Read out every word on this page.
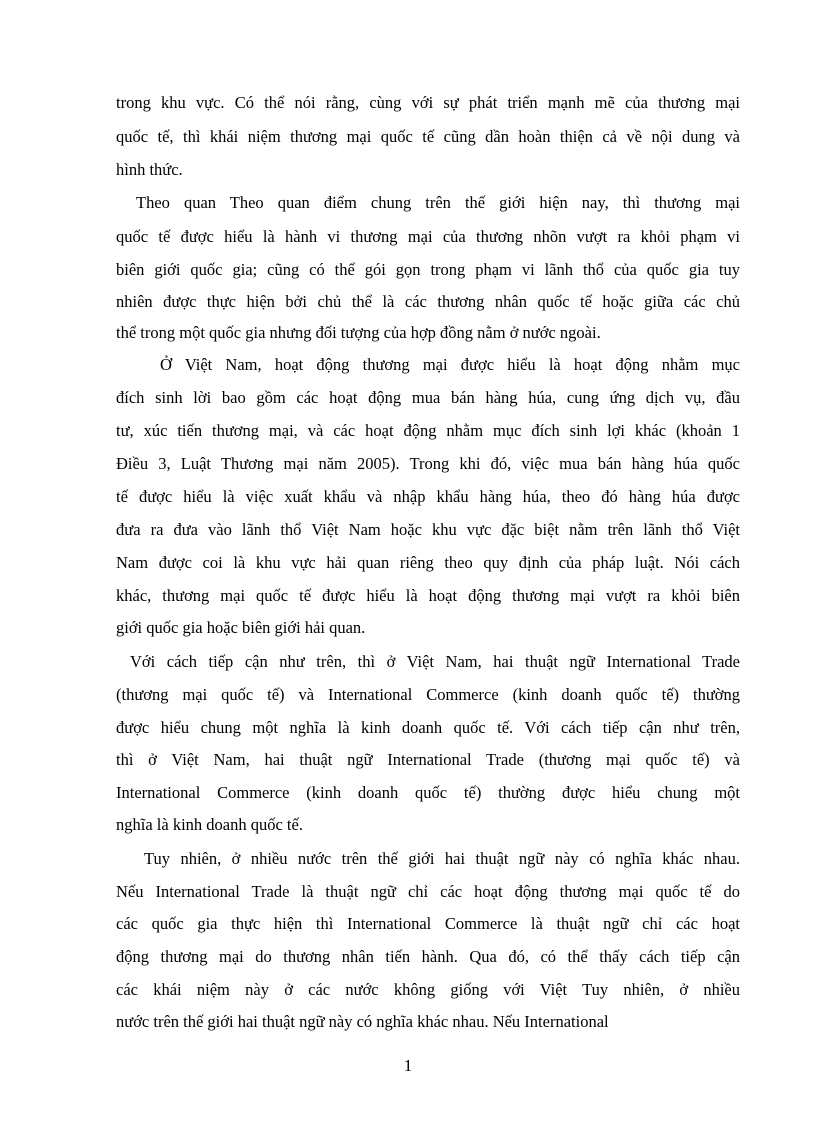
trong khu vực. Có thể nói rằng, cùng với sự phát triển mạnh mẽ của thương mại
quốc tế, thì khái niệm thương mại quốc tế cũng dần hoàn thiện cả về nội dung và
hình thức.
Theo quan Theo quan điểm chung trên thế giới hiện nay, thì thương mại
quốc tế được hiểu là hành vi thương mại của thương nhõn vượt ra khỏi phạm vi
biên giới quốc gia; cũng có thể gói gọn trong phạm vi lãnh thổ của quốc gia tuy
nhiên được thực hiện bởi chủ thể là các thương nhân quốc tế hoặc giữa các chủ
thể trong một quốc gia nhưng đối tượng của hợp đồng nằm ở nước ngoài.
Ở Việt Nam, hoạt động thương mại được hiểu là hoạt động nhằm mục
đích sinh lời bao gồm các hoạt động mua bán hàng húa, cung ứng dịch vụ, đầu
tư, xúc tiến thương mại, và các hoạt động nhằm mục đích sinh lợi khác (khoản 1
Điều 3, Luật Thương mại năm 2005). Trong khi đó, việc mua bán hàng húa quốc
tế được hiểu là việc xuất khẩu và nhập khẩu hàng húa, theo đó hàng húa được
đưa ra đưa vào lãnh thổ Việt Nam hoặc khu vực đặc biệt nằm trên lãnh thổ Việt
Nam được coi là khu vực hải quan riêng theo quy định của pháp luật. Nói cách
khác, thương mại quốc tế được hiểu là hoạt động thương mại vượt ra khỏi biên
giới quốc gia hoặc biên giới hải quan.
Với cách tiếp cận như trên, thì ở Việt Nam, hai thuật ngữ International Trade
(thương mại quốc tế) và International Commerce (kinh doanh quốc tế) thường
được hiểu chung một nghĩa là kinh doanh quốc tế. Với cách tiếp cận như trên,
thì ở Việt Nam, hai thuật ngữ International Trade (thương mại quốc tế) và
International Commerce (kinh doanh quốc tế) thường được hiểu chung một
nghĩa là kinh doanh quốc tế.
Tuy nhiên, ở nhiều nước trên thế giới hai thuật ngữ này có nghĩa khác nhau.
Nếu International Trade là thuật ngữ chỉ các hoạt động thương mại quốc tế do
các quốc gia thực hiện thì International Commerce là thuật ngữ chỉ các hoạt
động thương mại do thương nhân tiến hành. Qua đó, có thể thấy cách tiếp cận
các khái niệm này ở các nước không giống với Việt Tuy nhiên, ở nhiều
nước trên thế giới hai thuật ngữ này có nghĩa khác nhau. Nếu International
1
